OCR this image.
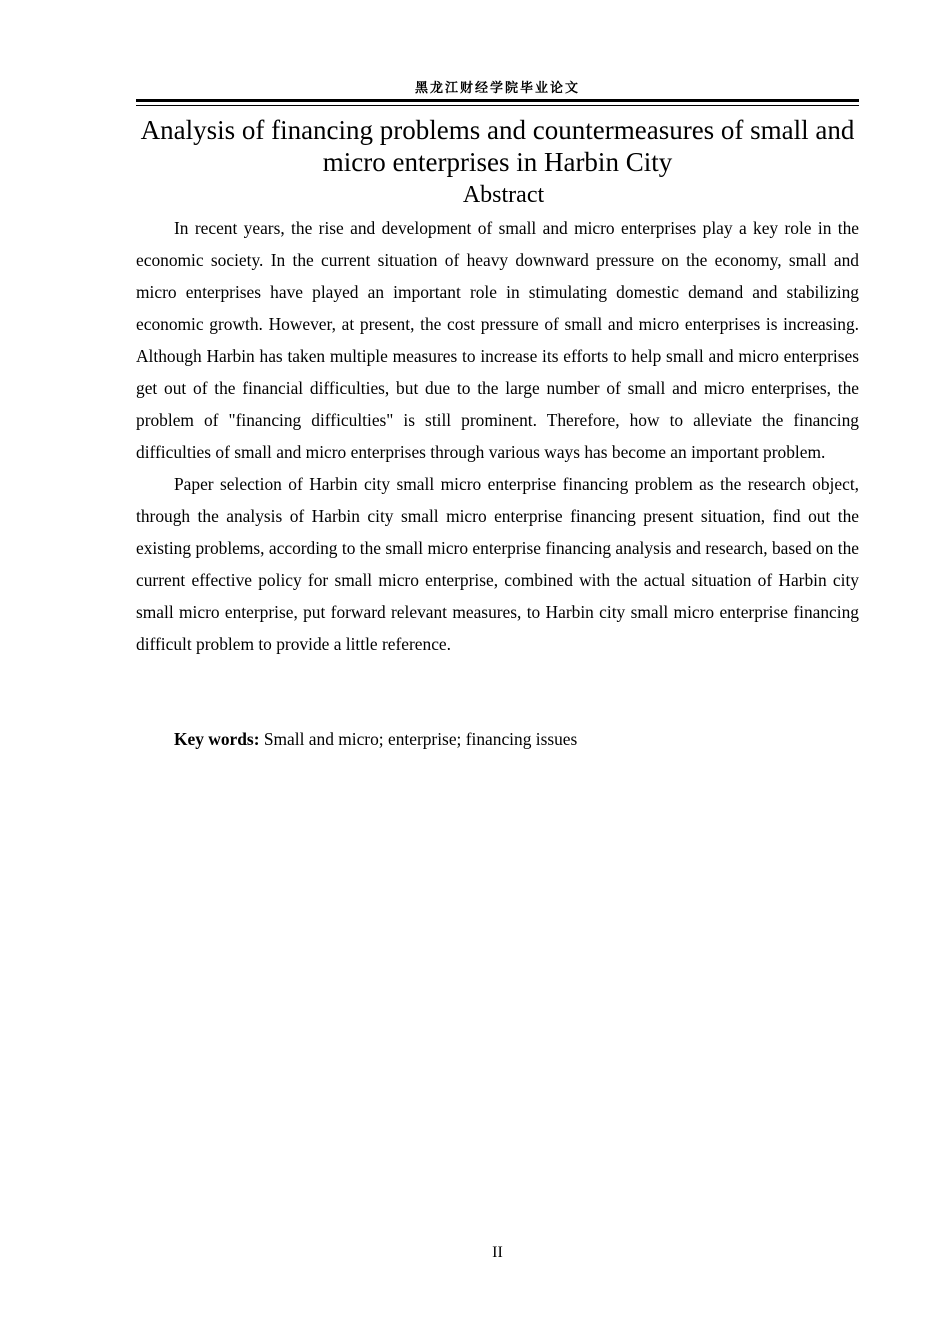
黑龙江财经学院毕业论文
Analysis of financing problems and countermeasures of small and micro enterprises in Harbin City
Abstract

In recent years, the rise and development of small and micro enterprises play a key role in the economic society. In the current situation of heavy downward pressure on the economy, small and micro enterprises have played an important role in stimulating domestic demand and stabilizing economic growth. However, at present, the cost pressure of small and micro enterprises is increasing. Although Harbin has taken multiple measures to increase its efforts to help small and micro enterprises get out of the financial difficulties, but due to the large number of small and micro enterprises, the problem of "financing difficulties" is still prominent. Therefore, how to alleviate the financing difficulties of small and micro enterprises through various ways has become an important problem.

Paper selection of Harbin city small micro enterprise financing problem as the research object, through the analysis of Harbin city small micro enterprise financing present situation, find out the existing problems, according to the small micro enterprise financing analysis and research, based on the current effective policy for small micro enterprise, combined with the actual situation of Harbin city small micro enterprise, put forward relevant measures, to Harbin city small micro enterprise financing difficult problem to provide a little reference.

Key words: Small and micro; enterprise; financing issues

II
